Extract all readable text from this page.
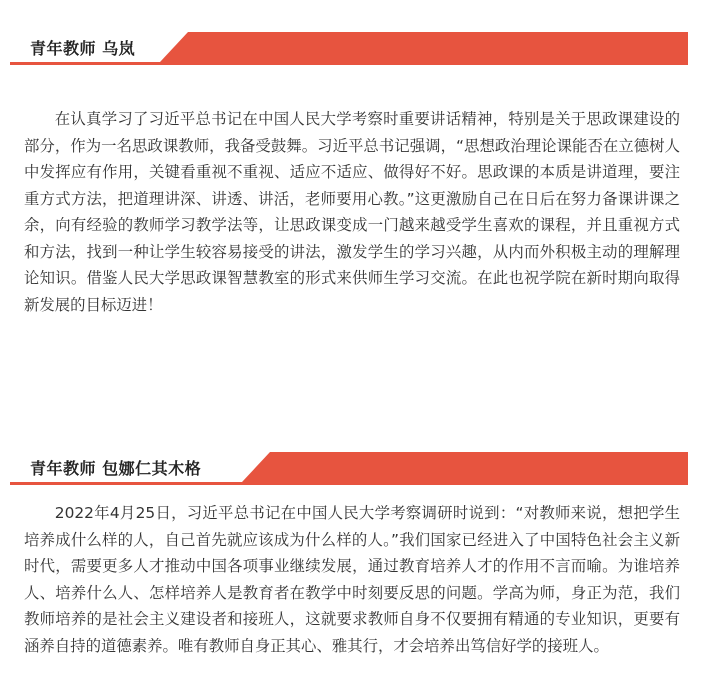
青年教师 乌岚

在认真学习了习近平总书记在中国人民大学考察时重要讲话精神，特别是关于思政课建设的部分，作为一名思政课教师，我备受鼓舞。习近平总书记强调，“思想政治理论课能否在立德树人中发挥应有作用，关键看重视不重视、适应不适应、做得好不好。思政课的本质是讲道理，要注重方式方法，把道理讲深、讲透、讲活，老师要用心教。”这更激励自己在日后在努力备课讲课之余，向有经验的教师学习教学法等，让思政课变成一门越来越受学生喜欢的课程，并且重视方式和方法，找到一种让学生较容易接受的讲法，激发学生的学习兴趣，从内而外积极主动的理解理论知识。借鉴人民大学思政课智慧教室的形式来供师生学习交流。在此也祝学院在新时期向取得新发展的目标迈进！

青年教师 包娜仁其木格

2022年4月25日，习近平总书记在中国人民大学考察调研时说到：“对教师来说，想把学生培养成什么样的人，自己首先就应该成为什么样的人。”我们国家已经进入了中国特色社会主义新时代，需要更多人才推动中国各项事业继续发展，通过教育培养人才的作用不言而喻。为谁培养人、培养什么人、怎样培养人是教育者在教学中时刻要反思的问题。学高为师，身正为范，我们教师培养的是社会主义建设者和接班人，这就要求教师自身不仅要拥有精通的专业知识，更要有涵养自持的道德素养。唯有教师自身正其心、雅其行，才会培养出笃信好学的接班人。
